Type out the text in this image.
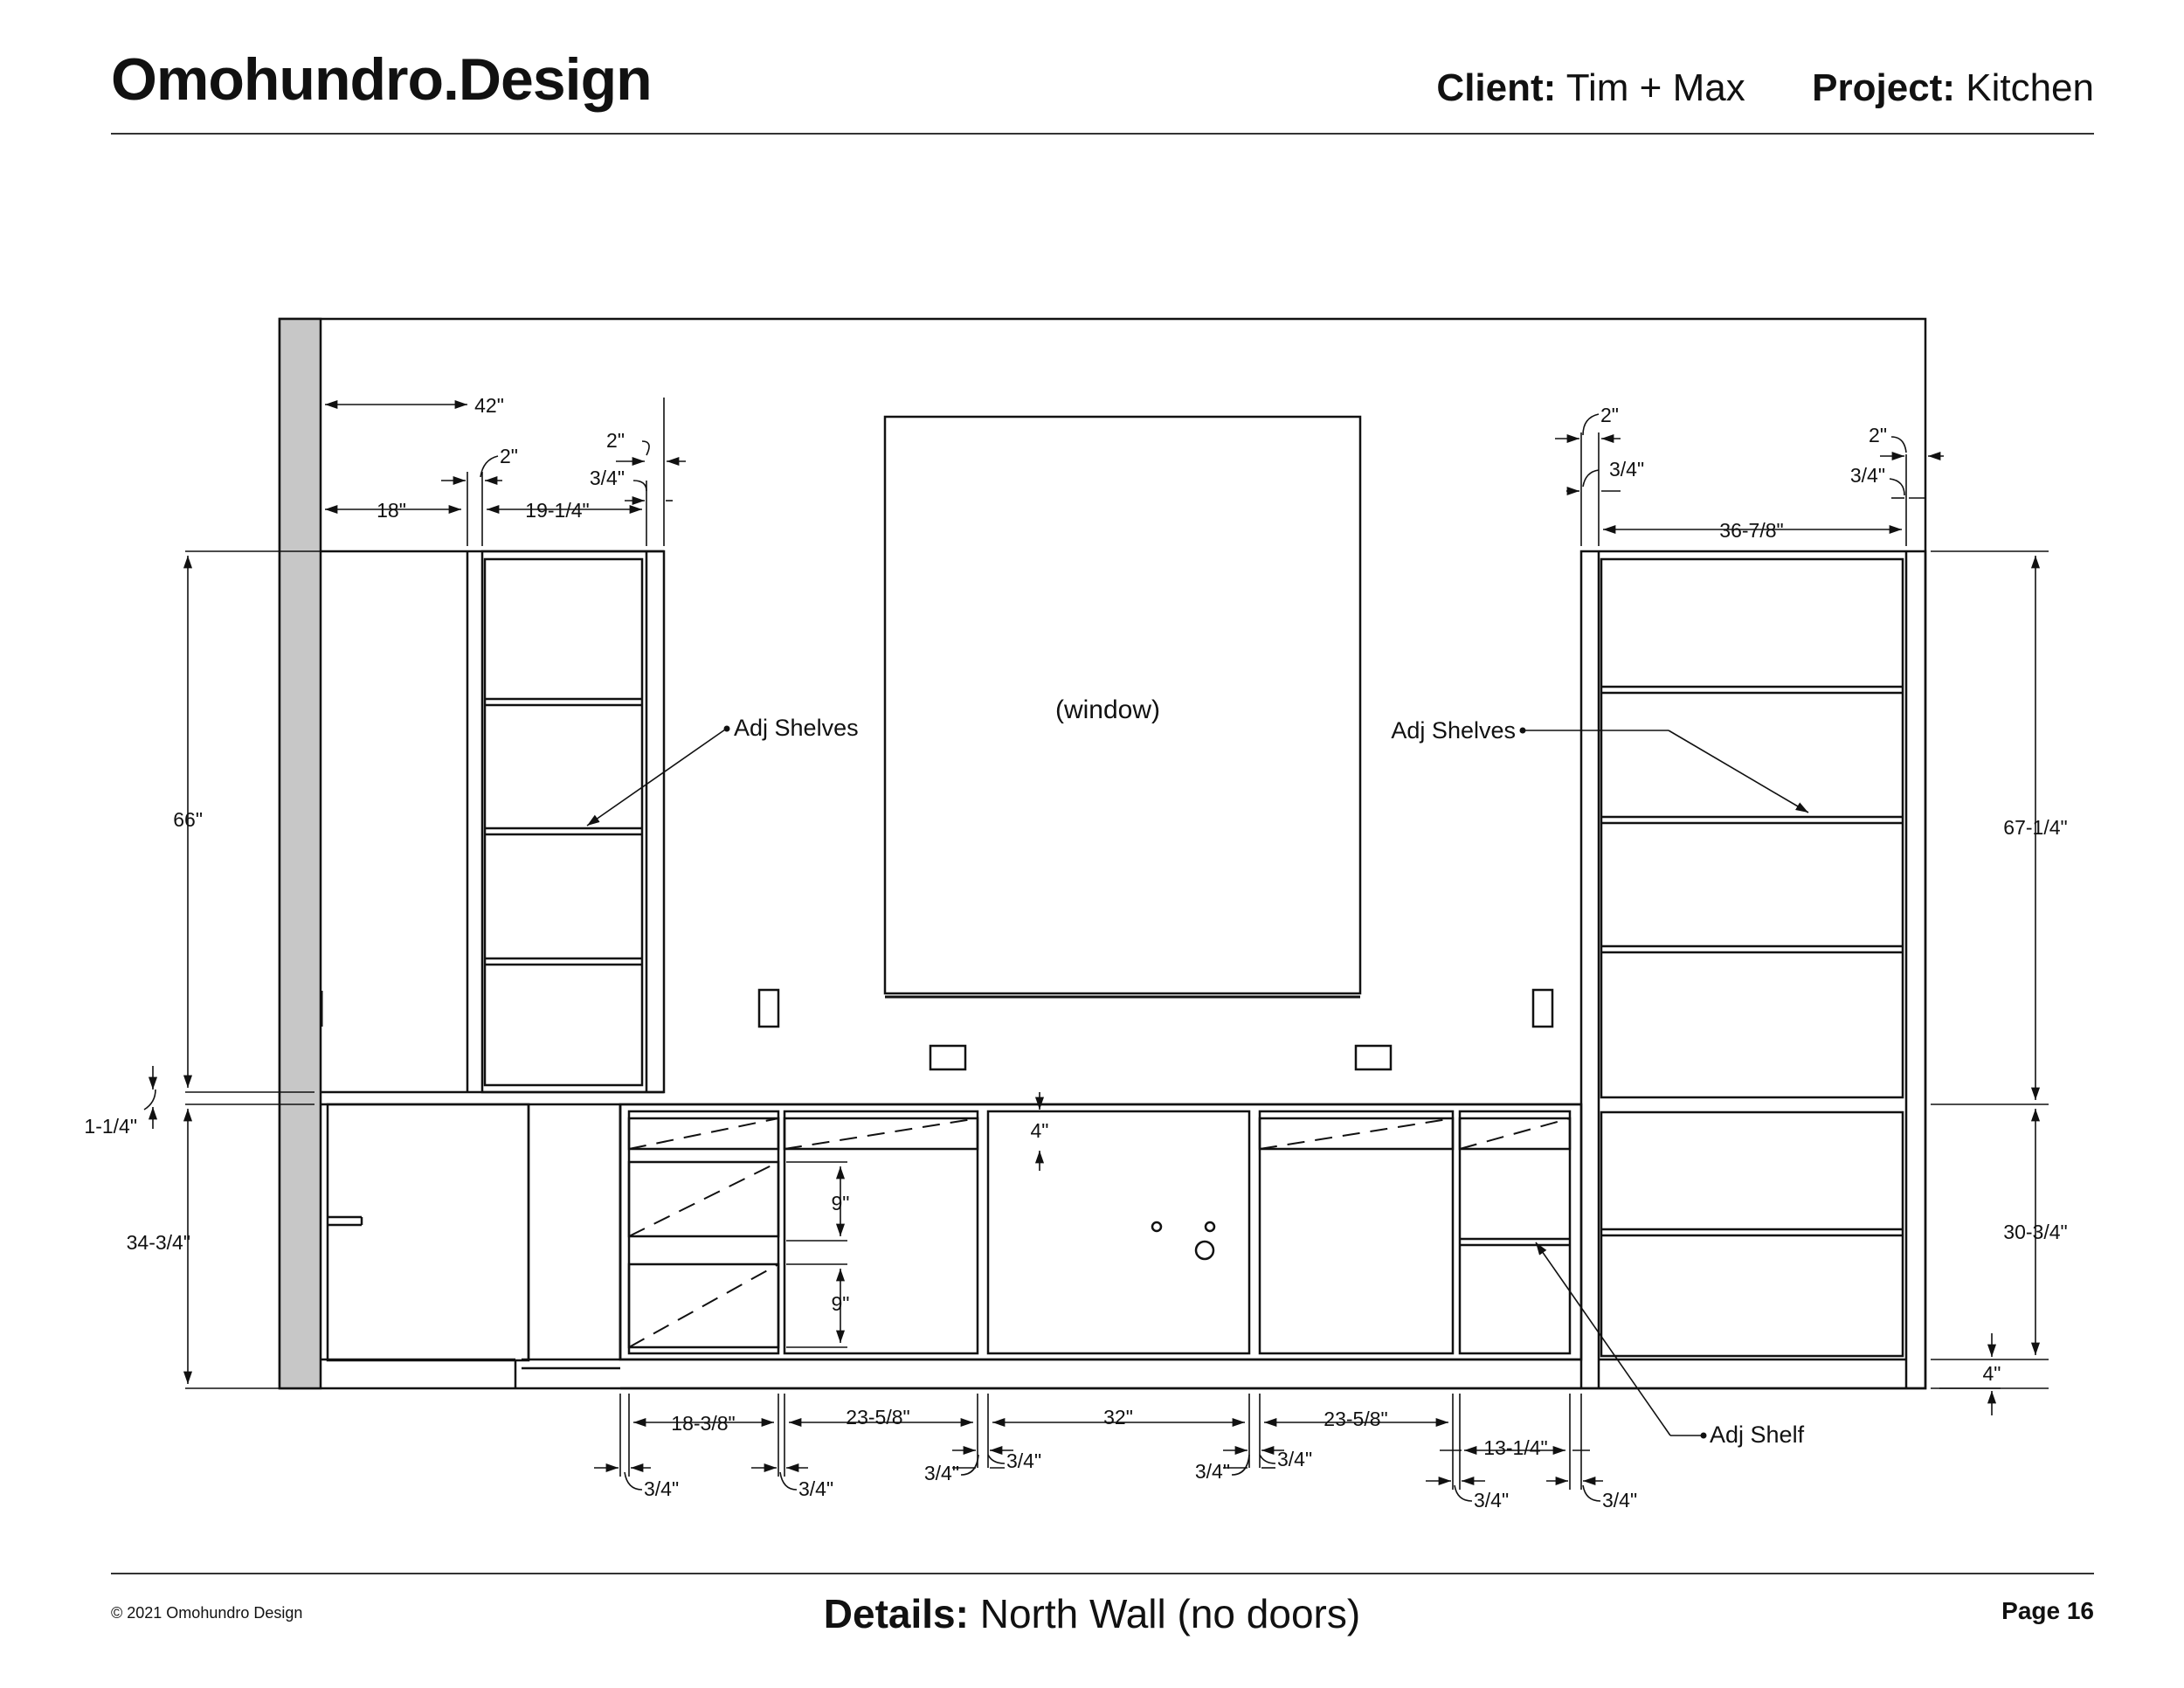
Omohundro.Design	Client: Tim + Max Project: Kitchen
© 2021 Omohundro Design	Details: North Wall (no doors)	Page 16
(window)
Adj Shelves	Adj Shelves
Adj Shelf
42"
18"	19-1/4"
2"
2"
3/4"
66"
1-1/4"
34-3/4"
2"
3/4"
2"
3/4"
36-7/8"
67-1/4"
30-3/4"
4"
4"
9"
9"
18-3/8"	23-5/8"	32"	23-5/8"
13-1/4"
3/4"	3/4"
3/4"
3/4"	3/4"
3/4"
3/4"	3/4"
